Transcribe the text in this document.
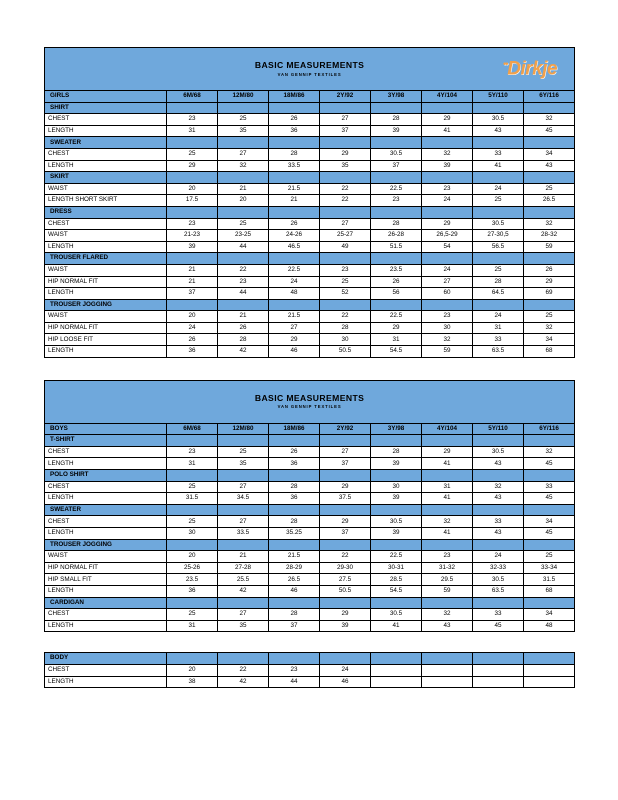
BASIC MEASUREMENTS
VAN GENNIP TEXTILES
••Dirkje								

GIRLS	6M/68	12M/80	18M/86	2Y/92	3Y/98	4Y/104	5Y/110	6Y/116
SHIRT								
CHEST	23	25	26	27	28	29	30.5	32
LENGTH	31	35	36	37	39	41	43	45
SWEATER								
CHEST	25	27	28	29	30.5	32	33	34
LENGTH	29	32	33.5	35	37	39	41	43
SKIRT								
WAIST	20	21	21.5	22	22.5	23	24	25
LENGTH SHORT SKIRT	17.5	20	21	22	23	24	25	26.5
DRESS								
CHEST	23	25	26	27	28	29	30.5	32
WAIST	21-23	23-25	24-26	25-27	26-28	26,5-29	27-30,5	28-32
LENGTH	39	44	46.5	49	51.5	54	56.5	59
TROUSER FLARED								
WAIST	21	22	22.5	23	23.5	24	25	26
HIP NORMAL FIT	21	23	24	25	26	27	28	29
LENGTH	37	44	48	52	56	60	64.5	69
TROUSER JOGGING								
WAIST	20	21	21.5	22	22.5	23	24	25
HIP NORMAL FIT	24	26	27	28	29	30	31	32
HIP LOOSE FIT	26	28	29	30	31	32	33	34
LENGTH	36	42	46	50.5	54.5	59	63.5	68
BASIC MEASUREMENTS
VAN GENNIP TEXTILES								

BOYS	6M/68	12M/80	18M/86	2Y/92	3Y/98	4Y/104	5Y/110	6Y/116
T-SHIRT								
CHEST	23	25	26	27	28	29	30.5	32
LENGTH	31	35	36	37	39	41	43	45
POLO SHIRT								
CHEST	25	27	28	29	30	31	32	33
LENGTH	31.5	34.5	36	37.5	39	41	43	45
SWEATER								
CHEST	25	27	28	29	30.5	32	33	34
LENGTH	30	33.5	35.25	37	39	41	43	45
TROUSER JOGGING								
WAIST	20	21	21.5	22	22.5	23	24	25
HIP NORMAL FIT	25-26	27-28	28-29	29-30	30-31	31-32	32-33	33-34
HIP SMALL FIT	23.5	25.5	26.5	27.5	28.5	29.5	30.5	31.5
LENGTH	36	42	46	50.5	54.5	59	63.5	68
CARDIGAN								
CHEST	25	27	28	29	30.5	32	33	34
LENGTH	31	35	37	39	41	43	45	48
BODY								
CHEST	20	22	23	24				
LENGTH	38	42	44	46				
